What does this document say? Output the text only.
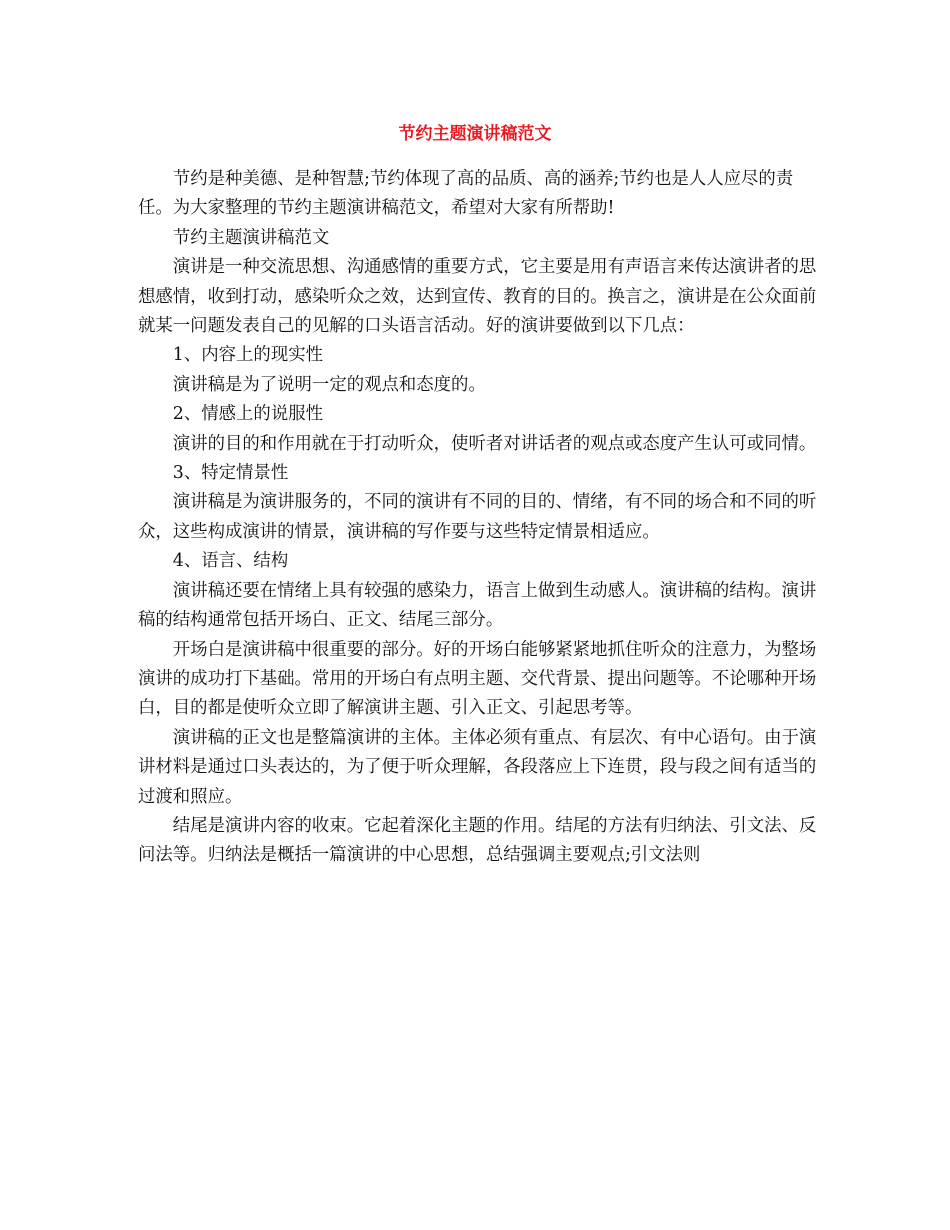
节约主题演讲稿范文

节约是种美德、是种智慧;节约体现了高的品质、高的涵养;节约也是人人应尽的责任。为大家整理的节约主题演讲稿范文，希望对大家有所帮助!

节约主题演讲稿范文

演讲是一种交流思想、沟通感情的重要方式，它主要是用有声语言来传达演讲者的思想感情，收到打动，感染听众之效，达到宣传、教育的目的。换言之，演讲是在公众面前就某一问题发表自己的见解的口头语言活动。好的演讲要做到以下几点：

1、内容上的现实性

演讲稿是为了说明一定的观点和态度的。

2、情感上的说服性

演讲的目的和作用就在于打动听众，使听者对讲话者的观点或态度产生认可或同情。

3、特定情景性

演讲稿是为演讲服务的，不同的演讲有不同的目的、情绪，有不同的场合和不同的听众，这些构成演讲的情景，演讲稿的写作要与这些特定情景相适应。

4、语言、结构

演讲稿还要在情绪上具有较强的感染力，语言上做到生动感人。演讲稿的结构。演讲稿的结构通常包括开场白、正文、结尾三部分。

开场白是演讲稿中很重要的部分。好的开场白能够紧紧地抓住听众的注意力，为整场演讲的成功打下基础。常用的开场白有点明主题、交代背景、提出问题等。不论哪种开场白，目的都是使听众立即了解演讲主题、引入正文、引起思考等。

演讲稿的正文也是整篇演讲的主体。主体必须有重点、有层次、有中心语句。由于演讲材料是通过口头表达的，为了便于听众理解，各段落应上下连贯，段与段之间有适当的过渡和照应。

结尾是演讲内容的收束。它起着深化主题的作用。结尾的方法有归纳法、引文法、反问法等。归纳法是概括一篇演讲的中心思想，总结强调主要观点;引文法则
